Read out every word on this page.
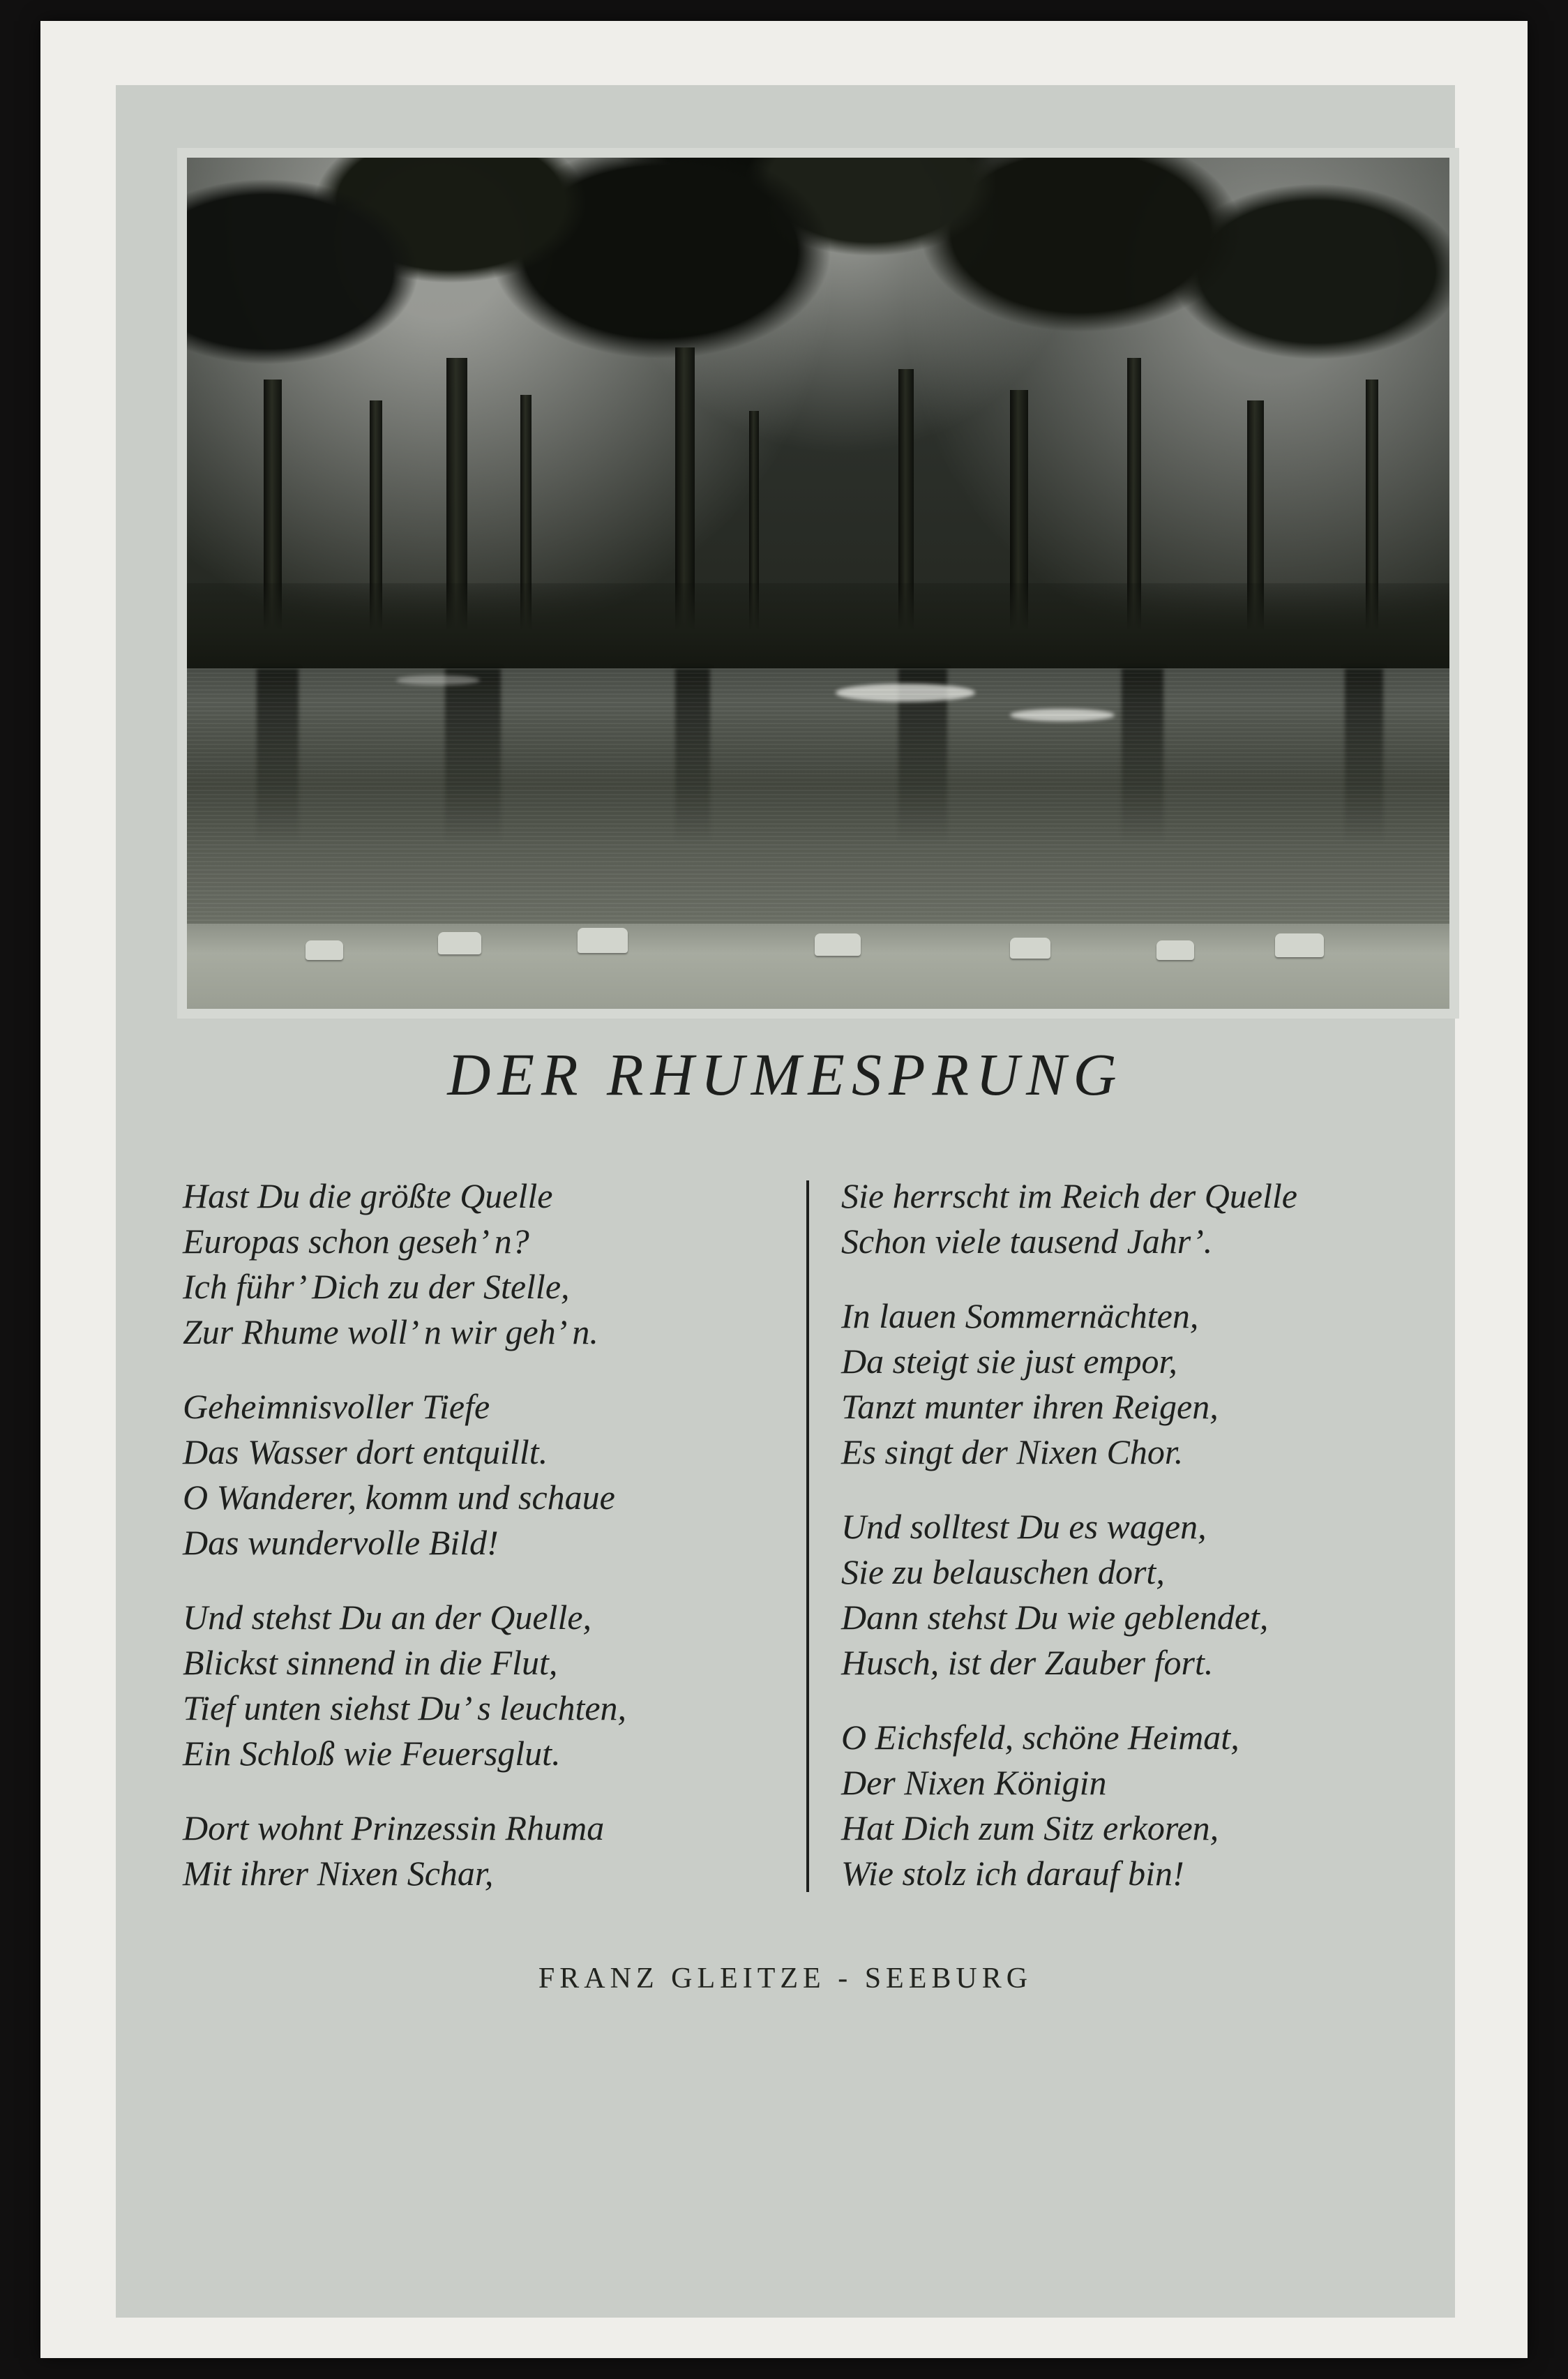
DER RHUMESPRUNG
Hast Du die größte Quelle
Europas schon geseh’ n?
Ich führ’ Dich zu der Stelle,
Zur Rhume woll’ n wir geh’ n.
Geheimnisvoller Tiefe
Das Wasser dort entquillt.
O Wanderer, komm und schaue
Das wundervolle Bild!
Und stehst Du an der Quelle,
Blickst sinnend in die Flut,
Tief unten siehst Du’ s leuchten,
Ein Schloß wie Feuersglut.
Dort wohnt Prinzessin Rhuma
Mit ihrer Nixen Schar,
Sie herrscht im Reich der Quelle
Schon viele tausend Jahr’.
In lauen Sommernächten,
Da steigt sie just empor,
Tanzt munter ihren Reigen,
Es singt der Nixen Chor.
Und solltest Du es wagen,
Sie zu belauschen dort,
Dann stehst Du wie geblendet,
Husch, ist der Zauber fort.
O Eichsfeld, schöne Heimat,
Der Nixen Königin
Hat Dich zum Sitz erkoren,
Wie stolz ich darauf bin!
FRANZ GLEITZE - SEEBURG
